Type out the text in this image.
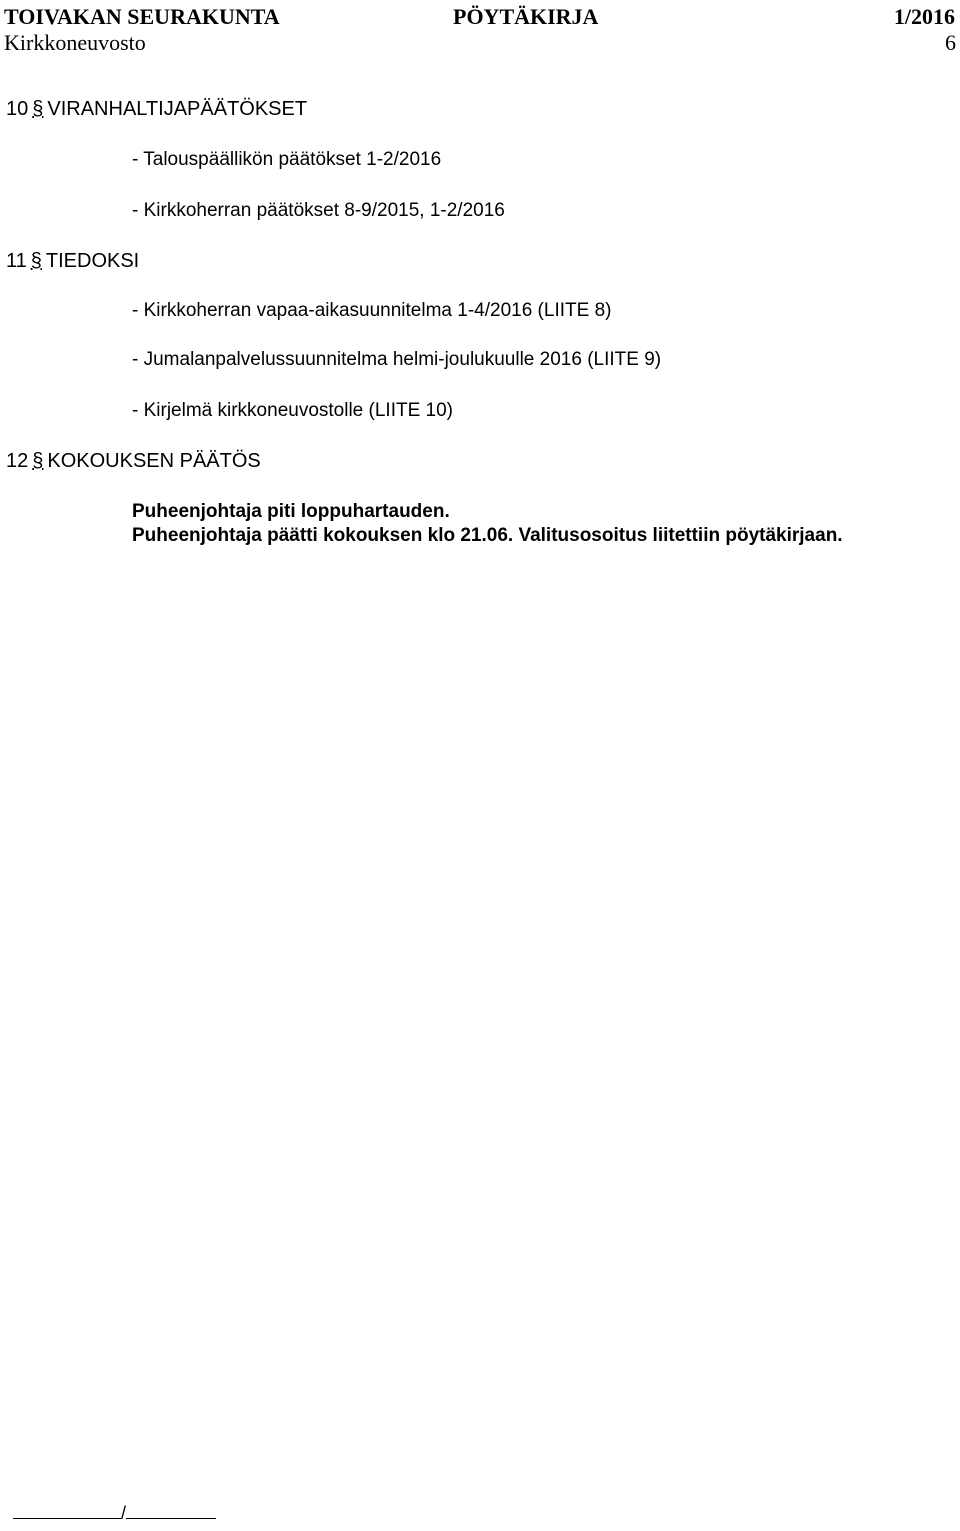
TOIVAKAN SEURAKUNTA	PÖYTÄKIRJA	1/2016
Kirkkoneuvosto	6
10 § VIRANHALTIJAPÄÄTÖKSET
- Talouspäällikön päätökset 1-2/2016
- Kirkkoherran päätökset 8-9/2015, 1-2/2016
11 § TIEDOKSI
- Kirkkoherran vapaa-aikasuunnitelma 1-4/2016 (LIITE 8)
- Jumalanpalvelussuunnitelma helmi-joulukuulle 2016 (LIITE 9)
- Kirjelmä kirkkoneuvostolle (LIITE 10)
12 § KOKOUKSEN PÄÄTÖS
Puheenjohtaja piti loppuhartauden.
Puheenjohtaja päätti kokouksen klo 21.06. Valitusosoitus liitettiin pöytäkirjaan.
/
